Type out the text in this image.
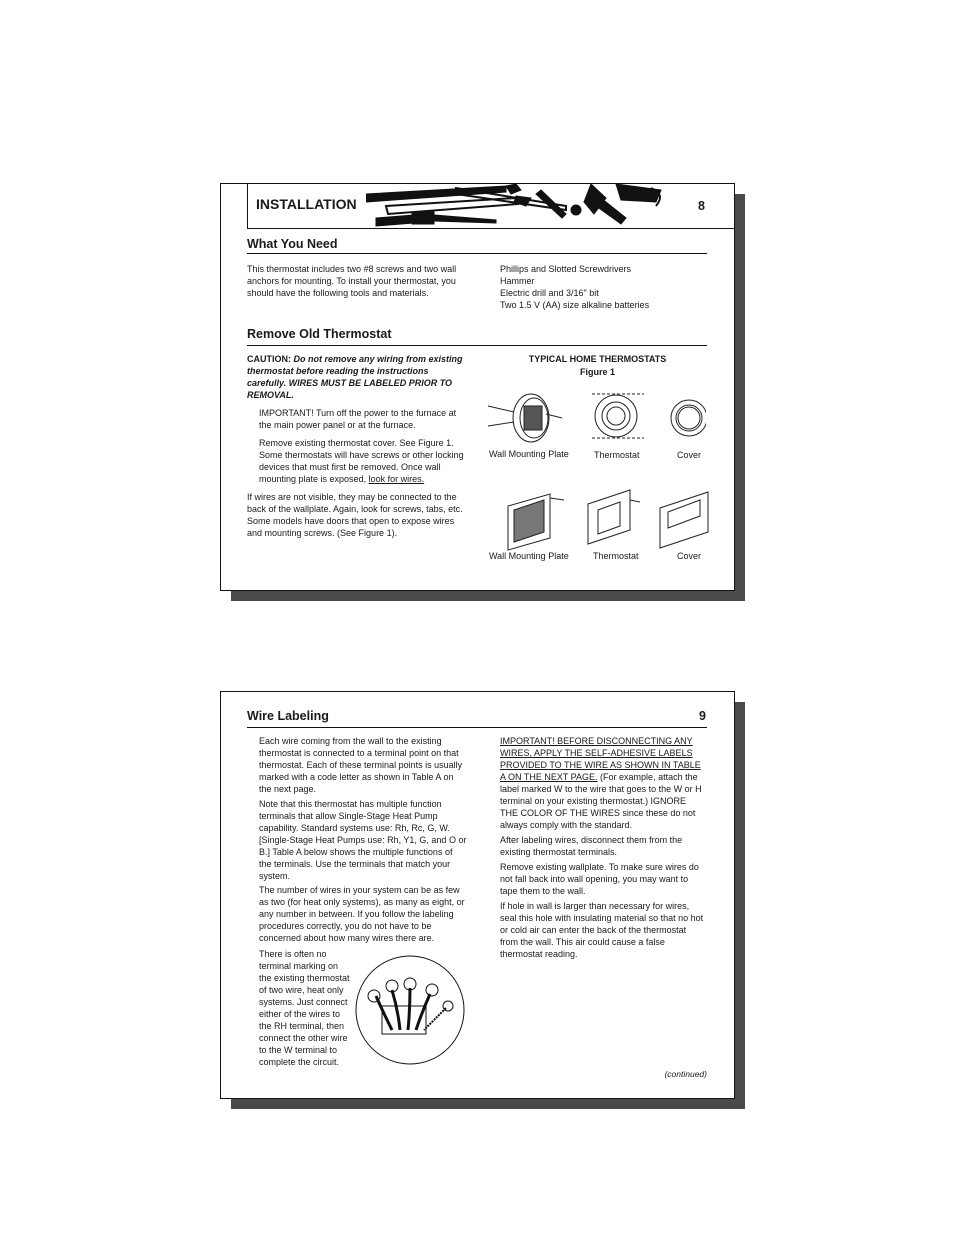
INSTALLATION	8
What You Need

This thermostat includes two #8 screws and two wall anchors for mounting. To install your thermostat, you should have the following tools and materials.

Phillips and Slotted Screwdrivers
Hammer
Electric drill and 3/16" bit
Two 1.5 V (AA) size alkaline batteries
Remove Old Thermostat
CAUTION: Do not remove any wiring from existing thermostat before reading the instructions carefully. WIRES MUST BE LABELED PRIOR TO REMOVAL.

IMPORTANT! Turn off the power to the furnace at the main power panel or at the furnace.

Remove existing thermostat cover. See Figure 1. Some thermostats will have screws or other locking devices that must first be removed. Once wall mounting plate is exposed, look for wires.

If wires are not visible, they may be connected to the back of the wallplate. Again, look for screws, tabs, etc. Some models have doors that open to expose wires and mounting screws. (See Figure 1).

TYPICAL HOME THERMOSTATS
Figure 1
Wall Mounting Plate	Thermostat	Cover
Wall Mounting Plate	Thermostat	Cover
Wire Labeling	9

Each wire coming from the wall to the existing thermostat is connected to a terminal point on that thermostat. Each of these terminal points is usually marked with a code letter as shown in Table A on the next page.

Note that this thermostat has multiple function terminals that allow Single-Stage Heat Pump capability. Standard systems use: Rh, Rc, G, W. [Single-Stage Heat Pumps use: Rh, Y1, G, and O or B.] Table A below shows the multiple functions of the terminals. Use the terminals that match your system.

The number of wires in your system can be as few as two (for heat only systems), as many as eight, or any number in between. If you follow the labeling procedures correctly, you do not have to be concerned about how many wires there are.

There is often no terminal marking on the existing thermostat of two wire, heat only systems. Just connect either of the wires to the RH terminal, then connect the other wire to the W terminal to complete the circuit.

IMPORTANT! BEFORE DISCONNECTING ANY WIRES, APPLY THE SELF-ADHESIVE LABELS PROVIDED TO THE WIRE AS SHOWN IN TABLE A ON THE NEXT PAGE. (For example, attach the label marked W to the wire that goes to the W or H terminal on your existing thermostat.) IGNORE THE COLOR OF THE WIRES since these do not always comply with the standard.

After labeling wires, disconnect them from the existing thermostat terminals.

Remove existing wallplate. To make sure wires do not fall back into wall opening, you may want to tape them to the wall.

If hole in wall is larger than necessary for wires, seal this hole with insulating material so that no hot or cold air can enter the back of the thermostat from the wall. This air could cause a false thermostat reading.

(continued)
